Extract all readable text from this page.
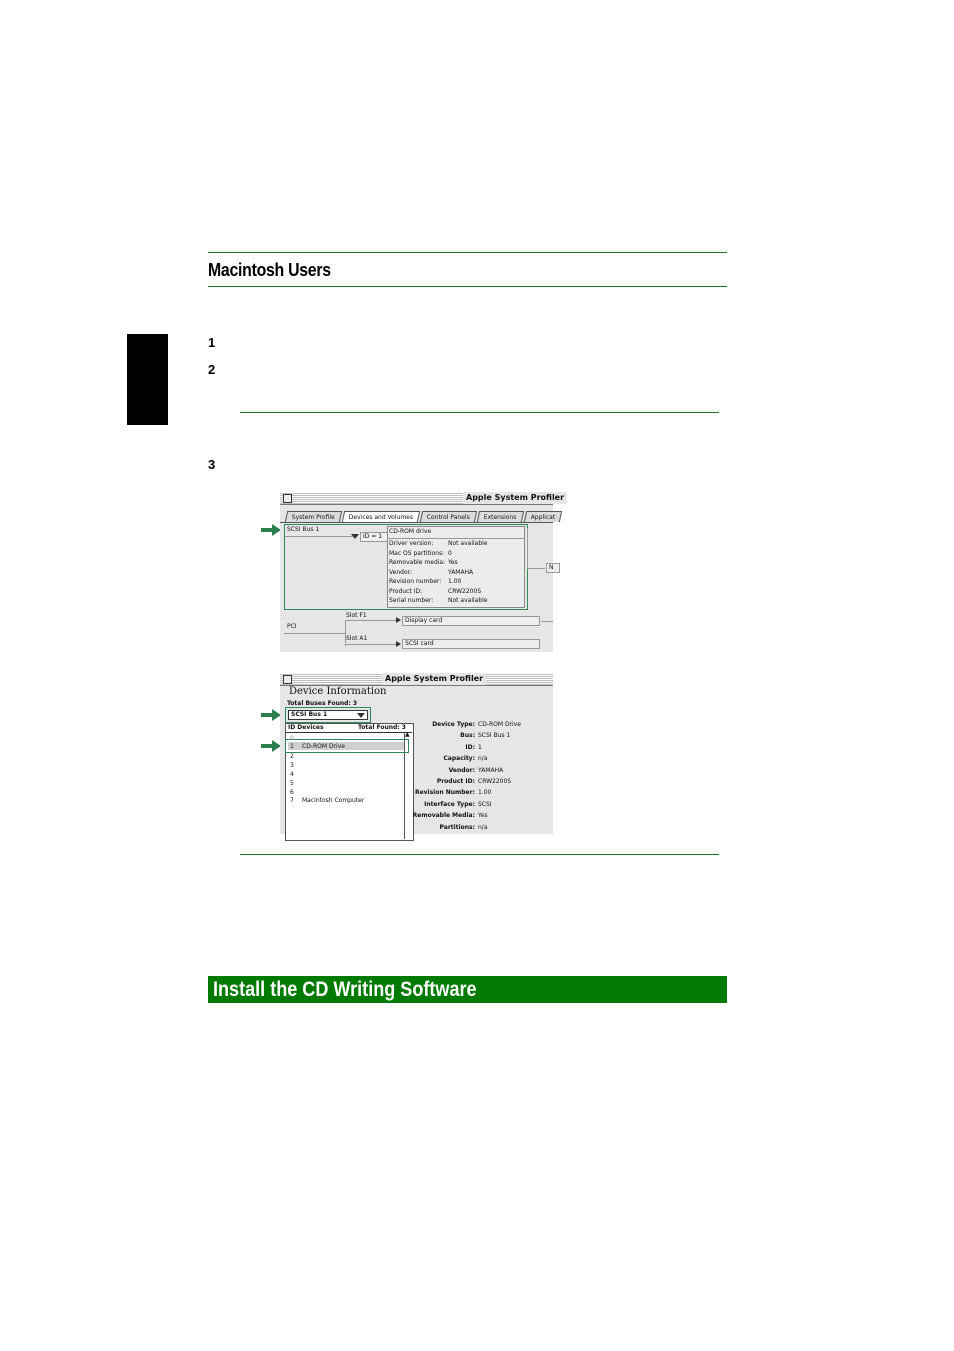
Macintosh Users
1
2
3
Apple System Profiler
System Profile	Devices and Volumes	Control Panels	Extensions	Applicat
SCSI Bus 1
ID = 1
CD-ROM drive
Driver version: Not available
Mac OS partitions: 0
Removable media: Yes
Vendor:	YAMAHA
Revision number: 1.00
Product ID:	CRW2200S
Serial number: Not available
N
Slot F1
PCI
Display card
Slot A1
SCSI card
Apple System Profiler
Device Information
Total Buses Found: 3
SCSI Bus 1
ID Devices	Total Found: 3
▲
0
1 CD-ROM Drive
2
3
4
5
6
7 Macintosh Computer
Device Type: CD-ROM Drive
Bus: SCSI Bus 1
ID: 1
Capacity: n/a
Vendor: YAMAHA
Product ID: CRW2200S
Revision Number: 1.00
Interface Type: SCSI
Removable Media: Yes
Partitions: n/a
Install the CD Writing Software
